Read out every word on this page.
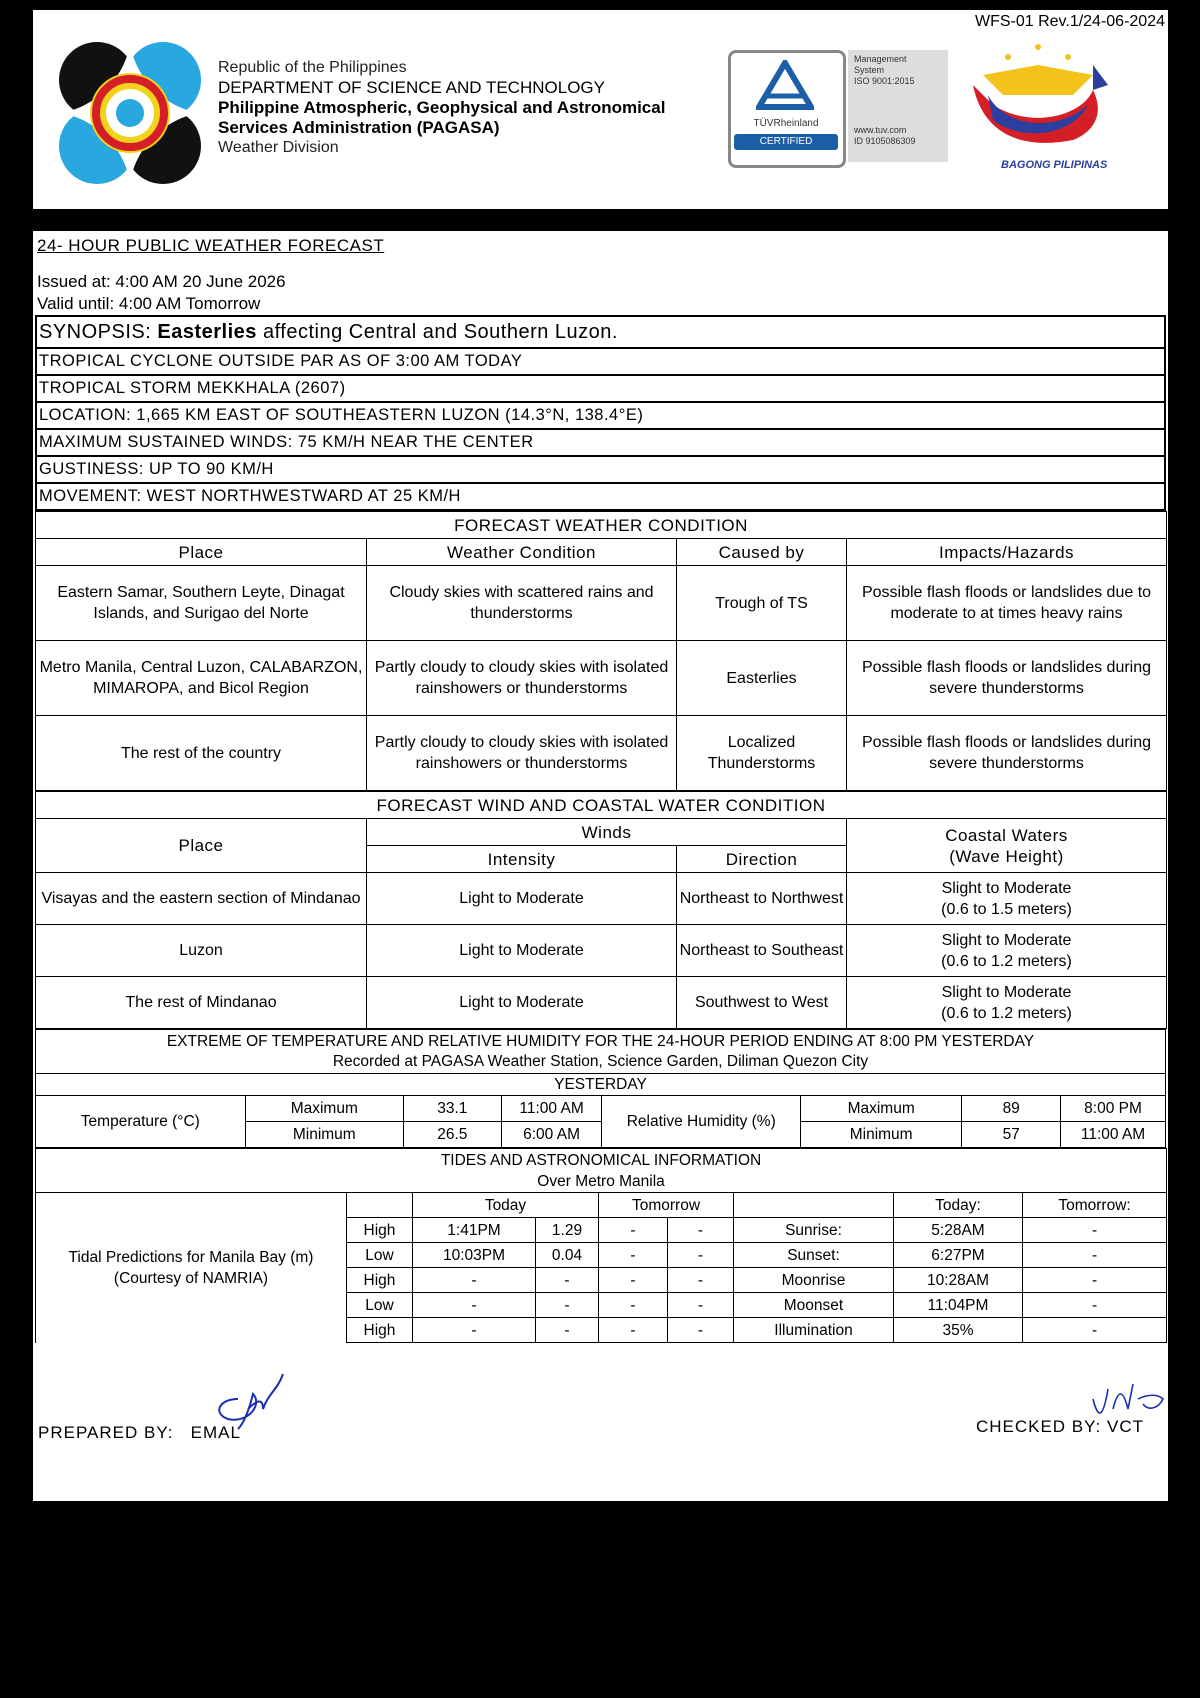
WFS-01 Rev.1/24-06-2024
Republic of the Philippines
DEPARTMENT OF SCIENCE AND TECHNOLOGY
Philippine Atmospheric, Geophysical and Astronomical
Services Administration (PAGASA)
Weather Division
TÜVRheinland
CERTIFIED
Management
System
ISO 9001:2015
www.tuv.com
ID 9105086309
BAGONG PILIPINAS
24- HOUR PUBLIC WEATHER FORECAST
Issued at: 4:00 AM 20 June 2026
Valid until: 4:00 AM Tomorrow
SYNOPSIS: Easterlies affecting Central and Southern Luzon.
TROPICAL CYCLONE OUTSIDE PAR AS OF 3:00 AM TODAY
TROPICAL STORM MEKKHALA (2607)
LOCATION: 1,665 KM EAST OF SOUTHEASTERN LUZON (14.3°N, 138.4°E)
MAXIMUM SUSTAINED WINDS: 75 KM/H NEAR THE CENTER
GUSTINESS: UP TO 90 KM/H
MOVEMENT: WEST NORTHWESTWARD AT 25 KM/H
FORECAST WEATHER CONDITION			
Place	Weather Condition	Caused by	Impacts/Hazards
Eastern Samar, Southern Leyte, Dinagat Islands, and Surigao del Norte	Cloudy skies with scattered rains and thunderstorms	Trough of TS	Possible flash floods or landslides due to moderate to at times heavy rains
Metro Manila, Central Luzon, CALABARZON, MIMAROPA, and Bicol Region	Partly cloudy to cloudy skies with isolated rainshowers or thunderstorms	Easterlies	Possible flash floods or landslides during severe thunderstorms
The rest of the country	Partly cloudy to cloudy skies with isolated rainshowers or thunderstorms	Localized Thunderstorms	Possible flash floods or landslides during severe thunderstorms
FORECAST WIND AND COASTAL WATER CONDITION			
Place	Winds		Coastal Waters
(Wave Height)

	Intensity	Direction	
Visayas and the eastern section of Mindanao	Light to Moderate	Northeast to Northwest	Slight to Moderate
(0.6 to 1.5 meters)

Luzon	Light to Moderate	Northeast to Southeast	Slight to Moderate
(0.6 to 1.2 meters)

The rest of Mindanao	Light to Moderate	Southwest to West	Slight to Moderate
(0.6 to 1.2 meters)
EXTREME OF TEMPERATURE AND RELATIVE HUMIDITY FOR THE 24-HOUR PERIOD ENDING AT 8:00 PM YESTERDAY
Recorded at PAGASA Weather Station, Science Garden, Diliman Quezon City							

YESTERDAY							
Temperature (°C)	Maximum	33.1	11:00 AM	Relative Humidity (%)	Maximum	89	8:00 PM
	Minimum	26.5	6:00 AM		Minimum	57	11:00 AM
TIDES AND ASTRONOMICAL INFORMATION
Over Metro Manila								

Tidal Predictions for Manila Bay (m) (Courtesy of NAMRIA)		Today		Tomorrow			Today:	Tomorrow:
	High	1:41PM	1.29	-	-	Sunrise:	5:28AM	-
	Low	10:03PM	0.04	-	-	Sunset:	6:27PM	-
	High	-	-	-	-	Moonrise	10:28AM	-
	Low	-	-	-	-	Moonset	11:04PM	-
	High	-	-	-	-	Illumination	35%	-
PREPARED BY: EMAL	CHECKED BY: VCT
